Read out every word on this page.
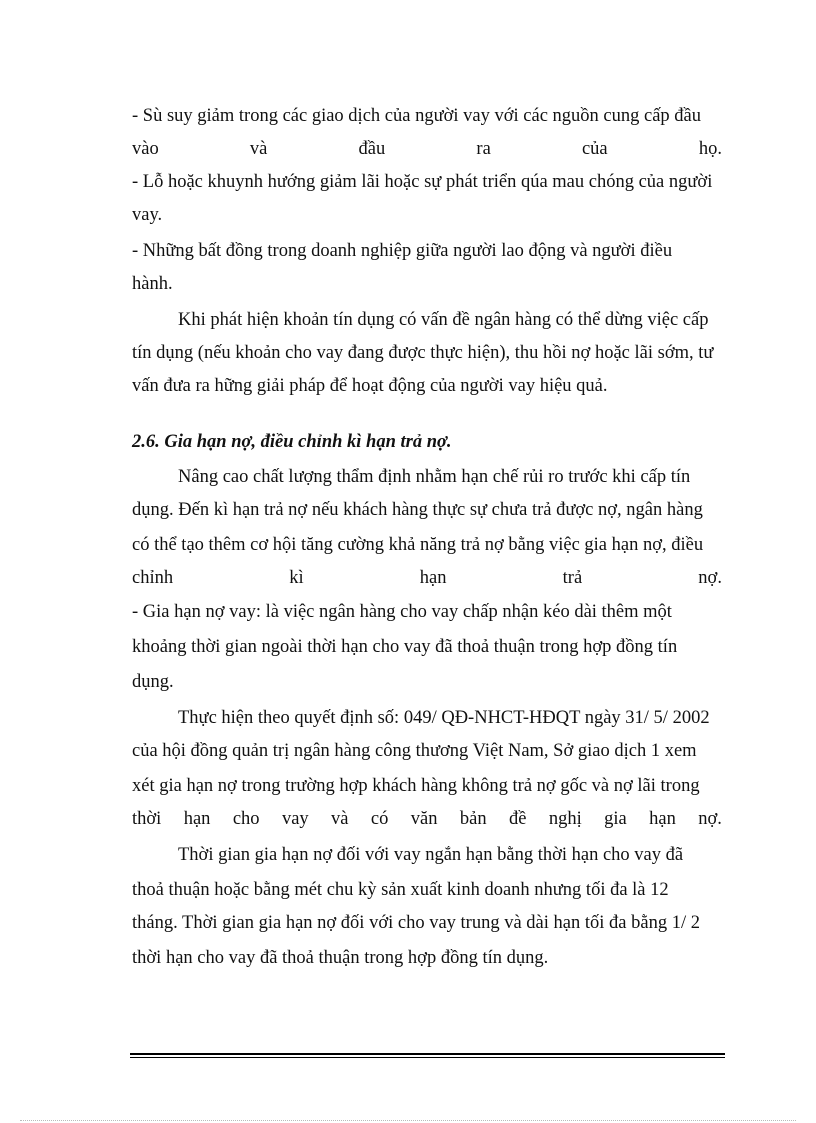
- Sù suy giảm trong các giao dịch của người vay với các nguồn cung cấp đầu
vào	và	đầu	ra	của	họ.
- Lỗ hoặc khuynh hướng giảm lãi hoặc sự phát triển qúa mau chóng của người
vay.
- Những bất đồng trong doanh nghiệp giữa người lao động và người điều
hành.
Khi phát hiện khoản tín dụng có vấn đề ngân hàng có thể dừng việc cấp
tín dụng (nếu khoản cho vay đang được thực hiện), thu hồi nợ hoặc lãi sớm, tư
vấn đưa ra hững giải pháp để hoạt động của người vay hiệu quả.
2.6. Gia hạn nợ, điều chỉnh kì hạn trả nợ.
Nâng cao chất lượng thẩm định nhằm hạn chế rủi ro trước khi cấp tín
dụng. Đến kì hạn trả nợ nếu khách hàng thực sự chưa trả được nợ, ngân hàng
có thể tạo thêm cơ hội tăng cường khả năng trả nợ bằng việc gia hạn nợ, điều
chỉnh	kì	hạn	trả	nợ.
- Gia hạn nợ vay: là việc ngân hàng cho vay chấp nhận kéo dài thêm một
khoảng thời gian ngoài thời hạn cho vay đã thoả thuận trong hợp đồng tín
dụng.
Thực hiện theo quyết định số: 049/ QĐ-NHCT-HĐQT ngày 31/ 5/ 2002
của hội đồng quản trị ngân hàng công thương Việt Nam, Sở giao dịch 1 xem
xét gia hạn nợ trong trường hợp khách hàng không trả nợ gốc và nợ lãi trong
thời hạn cho vay và có văn bản đề nghị gia hạn nợ.
Thời gian gia hạn nợ đối với vay ngắn hạn bằng thời hạn cho vay đã
thoả thuận hoặc bằng mét chu kỳ sản xuất kinh doanh nhưng tối đa là 12
tháng. Thời gian gia hạn nợ đối với cho vay trung và dài hạn tối đa bằng 1/ 2
thời hạn cho vay đã thoả thuận trong hợp đồng tín dụng.
